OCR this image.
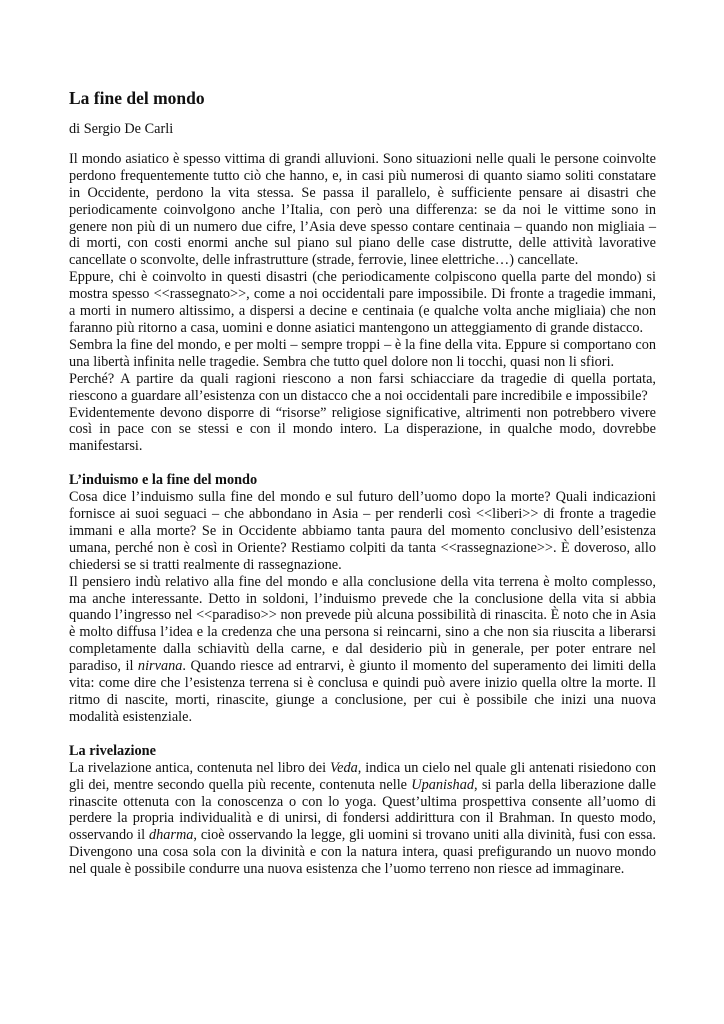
La fine del mondo
di Sergio De Carli

Il mondo asiatico è spesso vittima di grandi alluvioni. Sono situazioni nelle quali le persone coinvolte perdono frequentemente tutto ciò che hanno, e, in casi più numerosi di quanto siamo soliti constatare in Occidente, perdono la vita stessa. Se passa il parallelo, è sufficiente pensare ai disastri che periodicamente coinvolgono anche l’Italia, con però una differenza: se da noi le vittime sono in genere non più di un numero due cifre, l’Asia deve spesso contare centinaia – quando non migliaia – di morti, con costi enormi anche sul piano sul piano delle case distrutte, delle attività lavorative cancellate o sconvolte, delle infrastrutture (strade, ferrovie, linee elettriche…) cancellate.

Eppure, chi è coinvolto in questi disastri (che periodicamente colpiscono quella parte del mondo) si mostra spesso <<rassegnato>>, come a noi occidentali pare impossibile. Di fronte a tragedie immani, a morti in numero altissimo, a dispersi a decine e centinaia (e qualche volta anche migliaia) che non faranno più ritorno a casa, uomini e donne asiatici mantengono un atteggiamento di grande distacco.

Sembra la fine del mondo, e per molti – sempre troppi – è la fine della vita. Eppure si comportano con una libertà infinita nelle tragedie. Sembra che tutto quel dolore non li tocchi, quasi non li sfiori.

Perché? A partire da quali ragioni riescono a non farsi schiacciare da tragedie di quella portata, riescono a guardare all’esistenza con un distacco che a noi occidentali pare incredibile e impossibile?

Evidentemente devono disporre di “risorse” religiose significative, altrimenti non potrebbero vivere così in pace con se stessi e con il mondo intero. La disperazione, in qualche modo, dovrebbe manifestarsi.

L’induismo e la fine del mondo

Cosa dice l’induismo sulla fine del mondo e sul futuro dell’uomo dopo la morte? Quali indicazioni fornisce ai suoi seguaci – che abbondano in Asia – per renderli così <<liberi>> di fronte a tragedie immani e alla morte? Se in Occidente abbiamo tanta paura del momento conclusivo dell’esistenza umana, perché non è così in Oriente? Restiamo colpiti da tanta <<rassegnazione>>. È doveroso, allo chiedersi se si tratti realmente di rassegnazione.

Il pensiero indù relativo alla fine del mondo e alla conclusione della vita terrena è molto complesso, ma anche interessante. Detto in soldoni, l’induismo prevede che la conclusione della vita si abbia quando l’ingresso nel <<paradiso>> non prevede più alcuna possibilità di rinascita. È noto che in Asia è molto diffusa l’idea e la credenza che una persona si reincarni, sino a che non sia riuscita a liberarsi completamente dalla schiavitù della carne, e dal desiderio più in generale, per poter entrare nel paradiso, il nirvana. Quando riesce ad entrarvi, è giunto il momento del superamento dei limiti della vita: come dire che l’esistenza terrena si è conclusa e quindi può avere inizio quella oltre la morte. Il ritmo di nascite, morti, rinascite, giunge a conclusione, per cui è possibile che inizi una nuova modalità esistenziale.

La rivelazione

La rivelazione antica, contenuta nel libro dei Veda, indica un cielo nel quale gli antenati risiedono con gli dei, mentre secondo quella più recente, contenuta nelle Upanishad, si parla della liberazione dalle rinascite ottenuta con la conoscenza o con lo yoga. Quest’ultima prospettiva consente all’uomo di perdere la propria individualità e di unirsi, di fondersi addirittura con il Brahman. In questo modo, osservando il dharma, cioè osservando la legge, gli uomini si trovano uniti alla divinità, fusi con essa. Divengono una cosa sola con la divinità e con la natura intera, quasi prefigurando un nuovo mondo nel quale è possibile condurre una nuova esistenza che l’uomo terreno non riesce ad immaginare.
